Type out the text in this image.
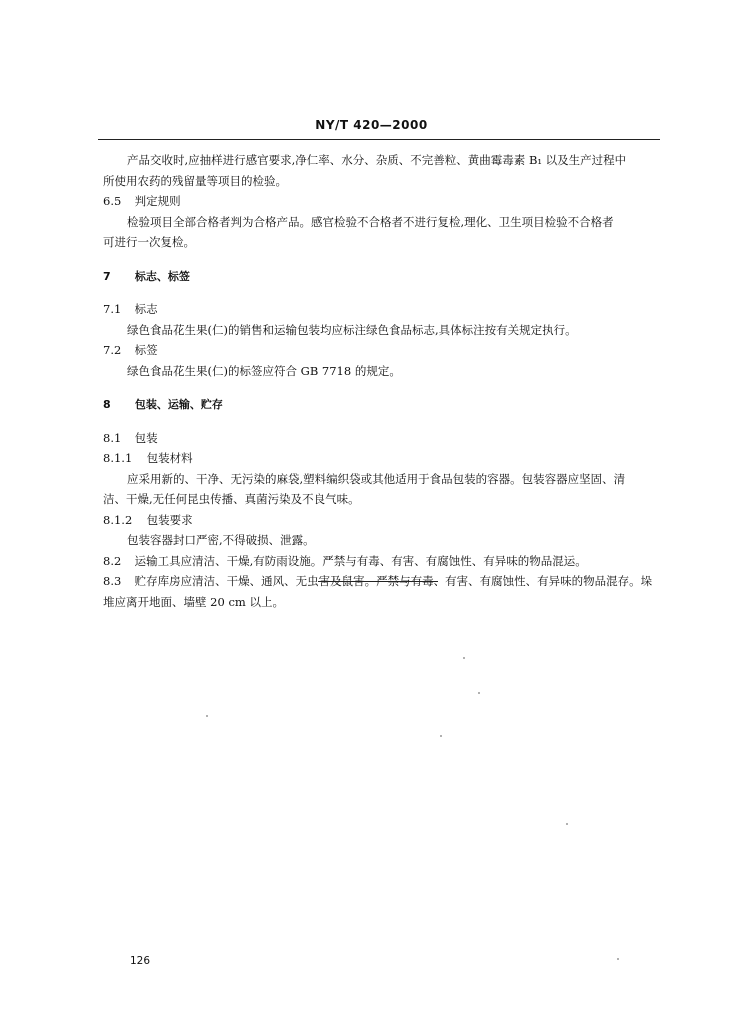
NY/T 420—2000

产品交收时,应抽样进行感官要求,净仁率、水分、杂质、不完善粒、黄曲霉毒素 B₁ 以及生产过程中

所使用农药的残留量等项目的检验。

6.5 判定规则

检验项目全部合格者判为合格产品。感官检验不合格者不进行复检,理化、卫生项目检验不合格者

可进行一次复检。

7 标志、标签

7.1 标志

绿色食品花生果(仁)的销售和运输包装均应标注绿色食品标志,具体标注按有关规定执行。

7.2 标签

绿色食品花生果(仁)的标签应符合 GB 7718 的规定。

8 包装、运输、贮存

8.1 包装

8.1.1 包装材料

应采用新的、干净、无污染的麻袋,塑料编织袋或其他适用于食品包装的容器。包装容器应坚固、清

洁、干燥,无任何昆虫传播、真菌污染及不良气味。

8.1.2 包装要求

包装容器封口严密,不得破损、泄露。

8.2 运输工具应清洁、干燥,有防雨设施。严禁与有毒、有害、有腐蚀性、有异味的物品混运。

8.3 贮存库房应清洁、干燥、通风、无虫害及鼠害。严禁与有毒、有害、有腐蚀性、有异味的物品混存。垛

堆应离开地面、墙壁 20 cm 以上。

126
